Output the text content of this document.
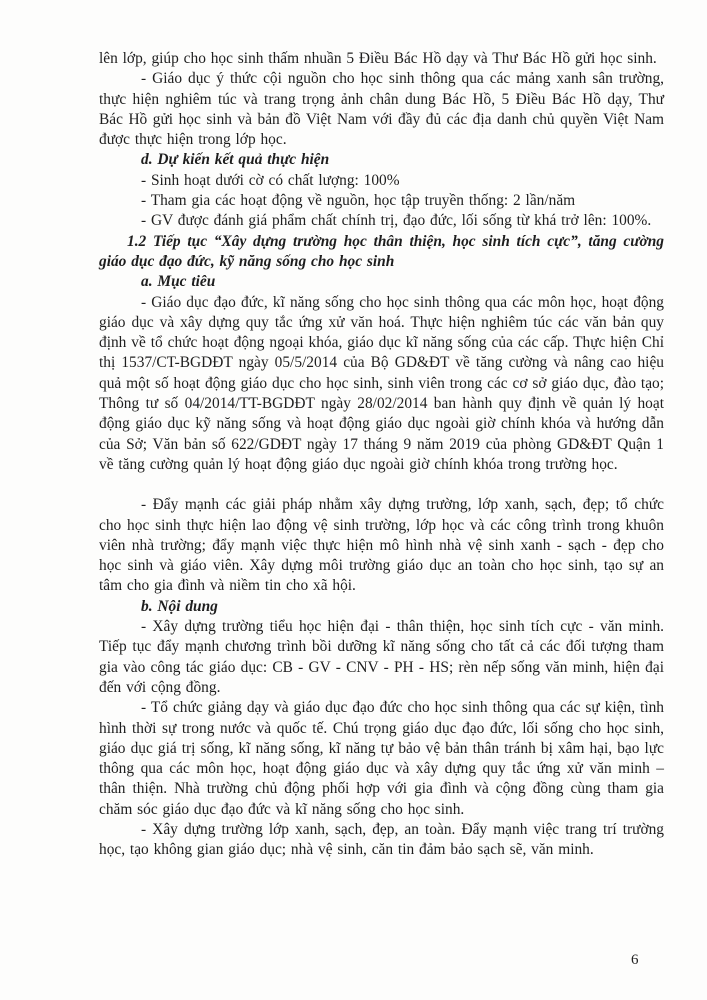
lên lớp, giúp cho học sinh thấm nhuần 5 Điều Bác Hồ dạy và Thư Bác Hồ gửi học sinh.

- Giáo dục ý thức cội nguồn cho học sinh thông qua các mảng xanh sân trường, thực hiện nghiêm túc và trang trọng ảnh chân dung Bác Hồ, 5 Điều Bác Hồ dạy, Thư Bác Hồ gửi học sinh và bản đồ Việt Nam với đầy đủ các địa danh chủ quyền Việt Nam được thực hiện trong lớp học.

d. Dự kiến kết quả thực hiện

- Sinh hoạt dưới cờ có chất lượng: 100%

- Tham gia các hoạt động về nguồn, học tập truyền thống: 2 lần/năm

- GV được đánh giá phẩm chất chính trị, đạo đức, lối sống từ khá trở lên: 100%.

1.2 Tiếp tục “Xây dựng trường học thân thiện, học sinh tích cực”, tăng cường giáo dục đạo đức, kỹ năng sống cho học sinh

a. Mục tiêu

- Giáo dục đạo đức, kĩ năng sống cho học sinh thông qua các môn học, hoạt động giáo dục và xây dựng quy tắc ứng xử văn hoá. Thực hiện nghiêm túc các văn bản quy định về tổ chức hoạt động ngoại khóa, giáo dục kĩ năng sống của các cấp. Thực hiện Chỉ thị 1537/CT-BGDĐT ngày 05/5/2014 của Bộ GD&ĐT về tăng cường và nâng cao hiệu quả một số hoạt động giáo dục cho học sinh, sinh viên trong các cơ sở giáo dục, đào tạo; Thông tư số 04/2014/TT-BGDĐT ngày 28/02/2014 ban hành quy định về quản lý hoạt động giáo dục kỹ năng sống và hoạt động giáo dục ngoài giờ chính khóa và hướng dẫn của Sở; Văn bản số 622/GDĐT ngày 17 tháng 9 năm 2019 của phòng GD&ĐT Quận 1 về tăng cường quản lý hoạt động giáo dục ngoài giờ chính khóa trong trường học.

- Đẩy mạnh các giải pháp nhằm xây dựng trường, lớp xanh, sạch, đẹp; tổ chức cho học sinh thực hiện lao động vệ sinh trường, lớp học và các công trình trong khuôn viên nhà trường; đẩy mạnh việc thực hiện mô hình nhà vệ sinh xanh - sạch - đẹp cho học sinh và giáo viên. Xây dựng môi trường giáo dục an toàn cho học sinh, tạo sự an tâm cho gia đình và niềm tin cho xã hội.

b. Nội dung

- Xây dựng trường tiểu học hiện đại - thân thiện, học sinh tích cực - văn minh. Tiếp tục đẩy mạnh chương trình bồi dưỡng kĩ năng sống cho tất cả các đối tượng tham gia vào công tác giáo dục: CB - GV - CNV - PH - HS; rèn nếp sống văn minh, hiện đại đến với cộng đồng.

- Tổ chức giảng dạy và giáo dục đạo đức cho học sinh thông qua các sự kiện, tình hình thời sự trong nước và quốc tế. Chú trọng giáo dục đạo đức, lối sống cho học sinh, giáo dục giá trị sống, kĩ năng sống, kĩ năng tự bảo vệ bản thân tránh bị xâm hại, bạo lực thông qua các môn học, hoạt động giáo dục và xây dựng quy tắc ứng xử văn minh – thân thiện. Nhà trường chủ động phối hợp với gia đình và cộng đồng cùng tham gia chăm sóc giáo dục đạo đức và kĩ năng sống cho học sinh.

- Xây dựng trường lớp xanh, sạch, đẹp, an toàn. Đẩy mạnh việc trang trí trường học, tạo không gian giáo dục; nhà vệ sinh, căn tin đảm bảo sạch sẽ, văn minh.

6
